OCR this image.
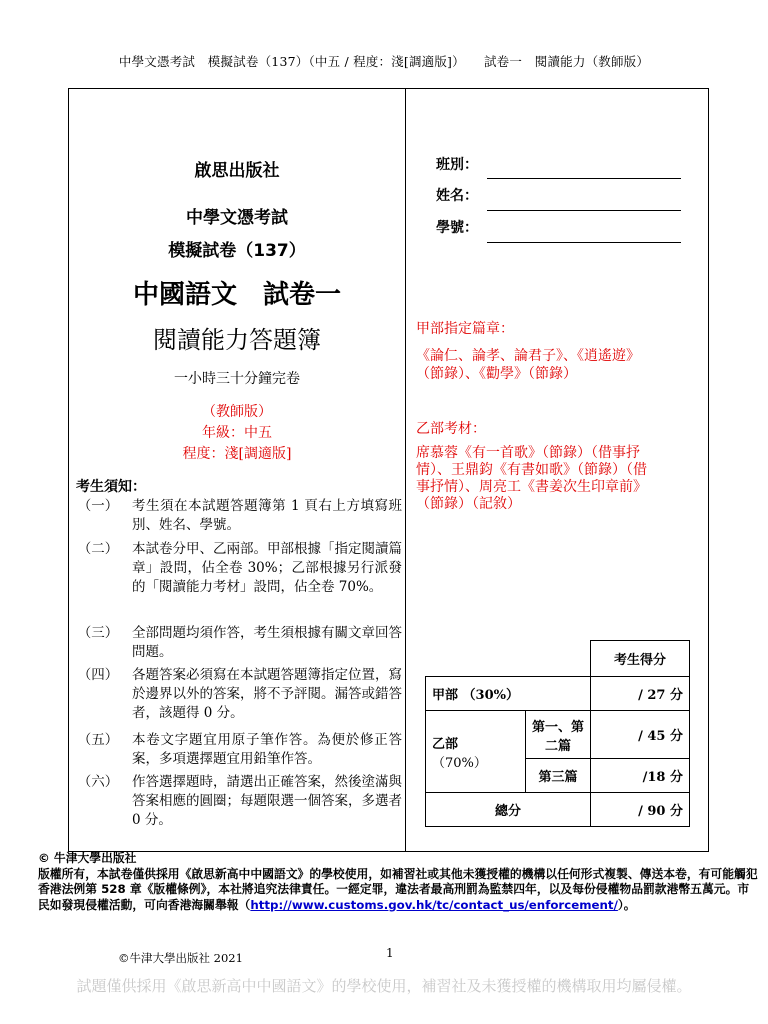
中學文憑考試　模擬試卷（137）（中五 / 程度：淺[調適版]）　　試卷一　閱讀能力（教師版）
啟思出版社
中學文憑考試
模擬試卷（137）
中國語文　試卷一
閱讀能力答題簿
一小時三十分鐘完卷
（教師版）
年級：中五
程度：淺[調適版]
考生須知：
（一） 考生須在本試題答題簿第 1 頁右上方填寫班別、姓名、學號。
（二） 本試卷分甲、乙兩部。甲部根據「指定閱讀篇章」設問，佔全卷 30%；乙部根據另行派發的「閱讀能力考材」設問，佔全卷 70%。
（三） 全部問題均須作答，考生須根據有關文章回答問題。
（四） 各題答案必須寫在本試題答題簿指定位置，寫於邊界以外的答案，將不予評閱。漏答或錯答者，該題得 0 分。
（五） 本卷文字題宜用原子筆作答。為便於修正答案，多項選擇題宜用鉛筆作答。
（六） 作答選擇題時，請選出正確答案，然後塗滿與答案相應的圓圈；每題限選一個答案，多選者 0 分。
班別：
姓名：
學號：
甲部指定篇章：
《論仁、論孝、論君子》、《逍遙遊》
（節錄）、《勸學》（節錄）
乙部考材：
席慕蓉《有一首歌》（節錄）（借事抒
情）、王鼎鈞《有書如歌》（節錄）（借
事抒情）、周亮工《書姜次生印章前》
（節錄）（記敘）
		考生得分
甲部 （30%）		/ 27 分

乙部
（70%）	第一、第二篇	/ 45 分
	第三篇	/18 分
總分		/ 90 分
© 牛津大學出版社
版權所有，本試卷僅供採用《啟思新高中中國語文》的學校使用，如補習社或其他未獲授權的機構以任何形式複製、傳送本卷，有可能觸犯香港法例第 528 章《版權條例》，本社將追究法律責任。一經定罪，違法者最高刑罰為監禁四年，以及每份侵權物品罰款港幣五萬元。市民如發現侵權活動，可向香港海關舉報（http://www.customs.gov.hk/tc/contact_us/enforcement/）。
©牛津大學出版社 2021	1
試題僅供採用《啟思新高中中國語文》的學校使用，補習社及未獲授權的機構取用均屬侵權。
